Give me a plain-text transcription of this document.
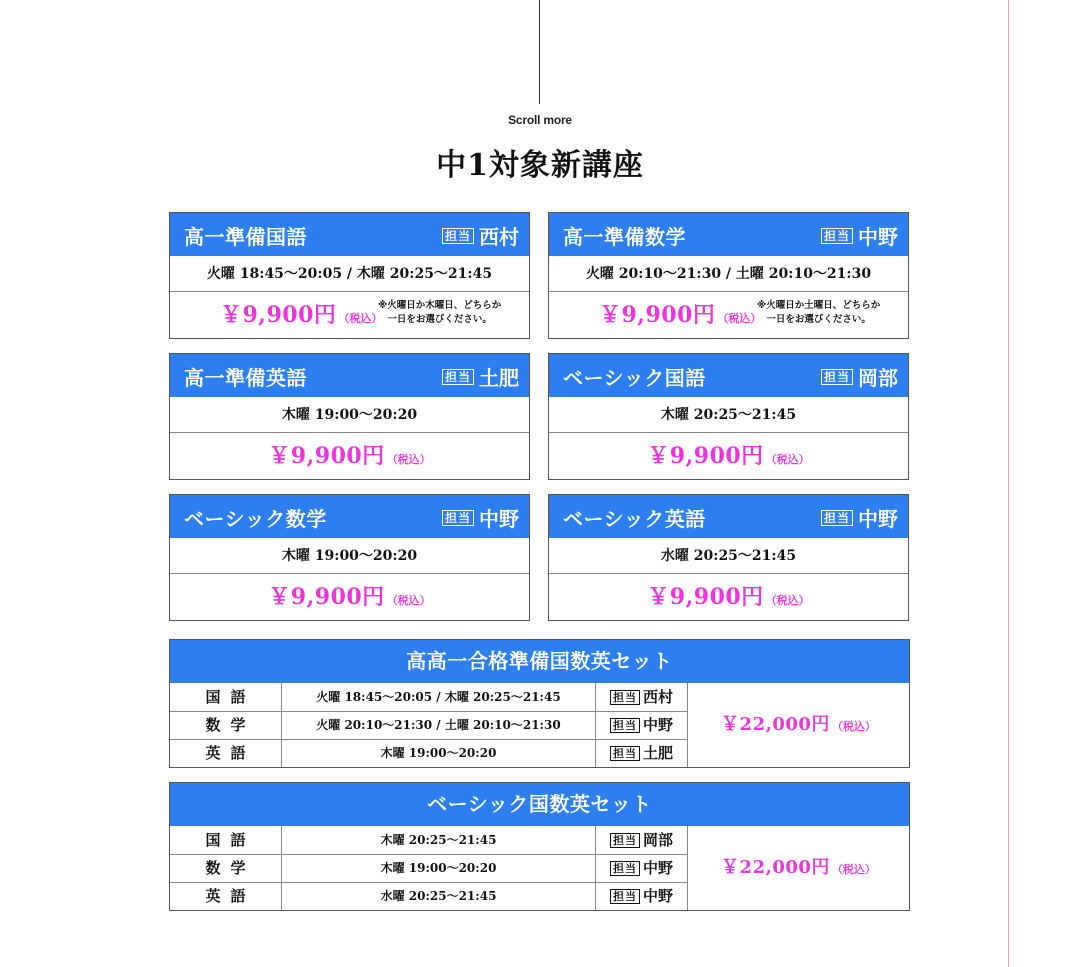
Scroll more
中1対象新講座
高一準備国語	担当 西村
火曜 18:45〜20:05 / 木曜 20:25〜21:45
￥9,900円 （税込）
※火曜日か木曜日、どちらか
一日をお選びください。
高一準備数学	担当 中野
火曜 20:10〜21:30 / 土曜 20:10〜21:30
￥9,900円 （税込）
※火曜日か土曜日、どちらか
一日をお選びください。
高一準備英語	担当 土肥
木曜 19:00〜20:20
￥9,900円 （税込）
ベーシック国語	担当 岡部
木曜 20:25〜21:45
￥9,900円 （税込）
ベーシック数学	担当 中野
木曜 19:00〜20:20
￥9,900円 （税込）
ベーシック英語	担当 中野
水曜 20:25〜21:45
￥9,900円 （税込）
高高一合格準備国数英セット
国語	火曜 18:45〜20:05 / 木曜 20:25〜21:45	担当 西村
数学	火曜 20:10〜21:30 / 土曜 20:10〜21:30	担当 中野
英語	木曜 19:00〜20:20	担当 土肥
￥22,000円 （税込）
ベーシック国数英セット
国語	木曜 20:25〜21:45	担当 岡部
数学	木曜 19:00〜20:20	担当 中野
英語	水曜 20:25〜21:45	担当 中野
￥22,000円 （税込）
